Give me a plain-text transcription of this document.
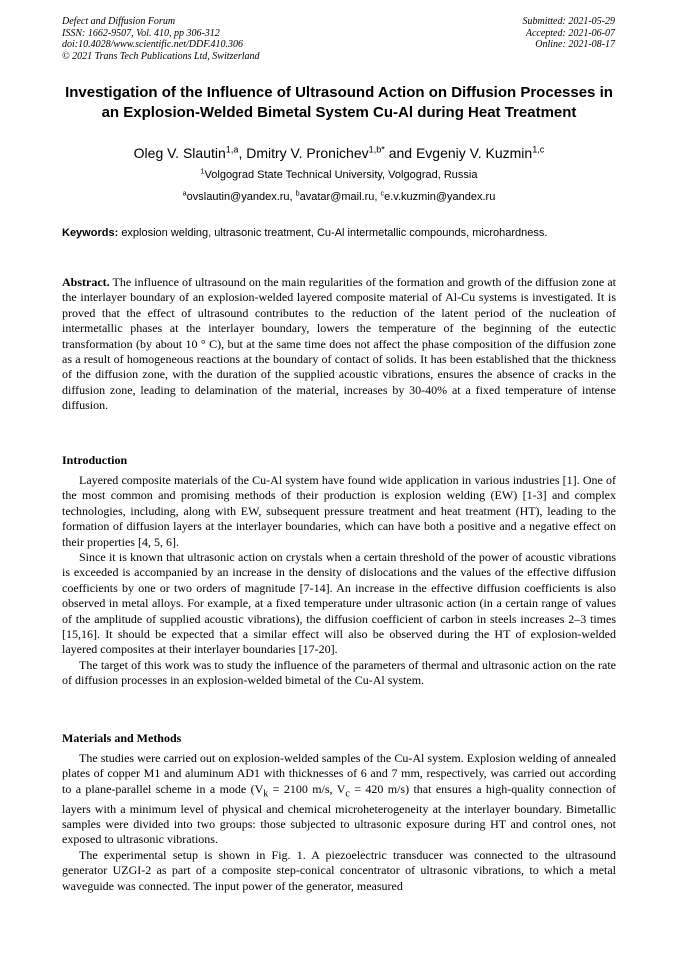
Defect and Diffusion Forum
ISSN: 1662-9507, Vol. 410, pp 306-312
doi:10.4028/www.scientific.net/DDF.410.306
© 2021 Trans Tech Publications Ltd, Switzerland
Submitted: 2021-05-29
Accepted: 2021-06-07
Online: 2021-08-17
Investigation of the Influence of Ultrasound Action on Diffusion Processes in an Explosion-Welded Bimetal System Cu-Al during Heat Treatment
Oleg V. Slautin$^{1,a}$, Dmitry V. Pronichev$^{1,b*}$ and Evgeniy V. Kuzmin$^{1,c}$
$^1$Volgograd State Technical University, Volgograd, Russia
$^a$ovslautin@yandex.ru, $^b$avatar@mail.ru, $^c$e.v.kuzmin@yandex.ru
Keywords: explosion welding, ultrasonic treatment, Cu-Al intermetallic compounds, microhardness.
Abstract. The influence of ultrasound on the main regularities of the formation and growth of the diffusion zone at the interlayer boundary of an explosion-welded layered composite material of Al-Cu systems is investigated. It is proved that the effect of ultrasound contributes to the reduction of the latent period of the nucleation of intermetallic phases at the interlayer boundary, lowers the temperature of the beginning of the eutectic transformation (by about 10 ° C), but at the same time does not affect the phase composition of the diffusion zone as a result of homogeneous reactions at the boundary of contact of solids. It has been established that the thickness of the diffusion zone, with the duration of the supplied acoustic vibrations, ensures the absence of cracks in the diffusion zone, leading to delamination of the material, increases by 30-40% at a fixed temperature of intense diffusion.
Introduction

Layered composite materials of the Cu-Al system have found wide application in various industries [1]. One of the most common and promising methods of their production is explosion welding (EW) [1-3] and complex technologies, including, along with EW, subsequent pressure treatment and heat treatment (HT), leading to the formation of diffusion layers at the interlayer boundaries, which can have both a positive and a negative effect on their properties [4, 5, 6].

Since it is known that ultrasonic action on crystals when a certain threshold of the power of acoustic vibrations is exceeded is accompanied by an increase in the density of dislocations and the values of the effective diffusion coefficients by one or two orders of magnitude [7-14]. An increase in the effective diffusion coefficients is also observed in metal alloys. For example, at a fixed temperature under ultrasonic action (in a certain range of values of the amplitude of supplied acoustic vibrations), the diffusion coefficient of carbon in steels increases 2–3 times [15,16]. It should be expected that a similar effect will also be observed during the HT of explosion-welded layered composites at their interlayer boundaries [17-20].

The target of this work was to study the influence of the parameters of thermal and ultrasonic action on the rate of diffusion processes in an explosion-welded bimetal of the Cu-Al system.

Materials and Methods

The studies were carried out on explosion-welded samples of the Cu-Al system. Explosion welding of annealed plates of copper M1 and aluminum AD1 with thicknesses of 6 and 7 mm, respectively, was carried out according to a plane-parallel scheme in a mode ($V_k = 2100$ m/s, $V_c = 420$ m/s) that ensures a high-quality connection of layers with a minimum level of physical and chemical microheterogeneity at the interlayer boundary. Bimetallic samples were divided into two groups: those subjected to ultrasonic exposure during HT and control ones, not exposed to ultrasonic vibrations.

The experimental setup is shown in Fig. 1. A piezoelectric transducer was connected to the ultrasound generator UZGI-2 as part of a composite step-conical concentrator of ultrasonic vibrations, to which a metal waveguide was connected. The input power of the generator, measured
